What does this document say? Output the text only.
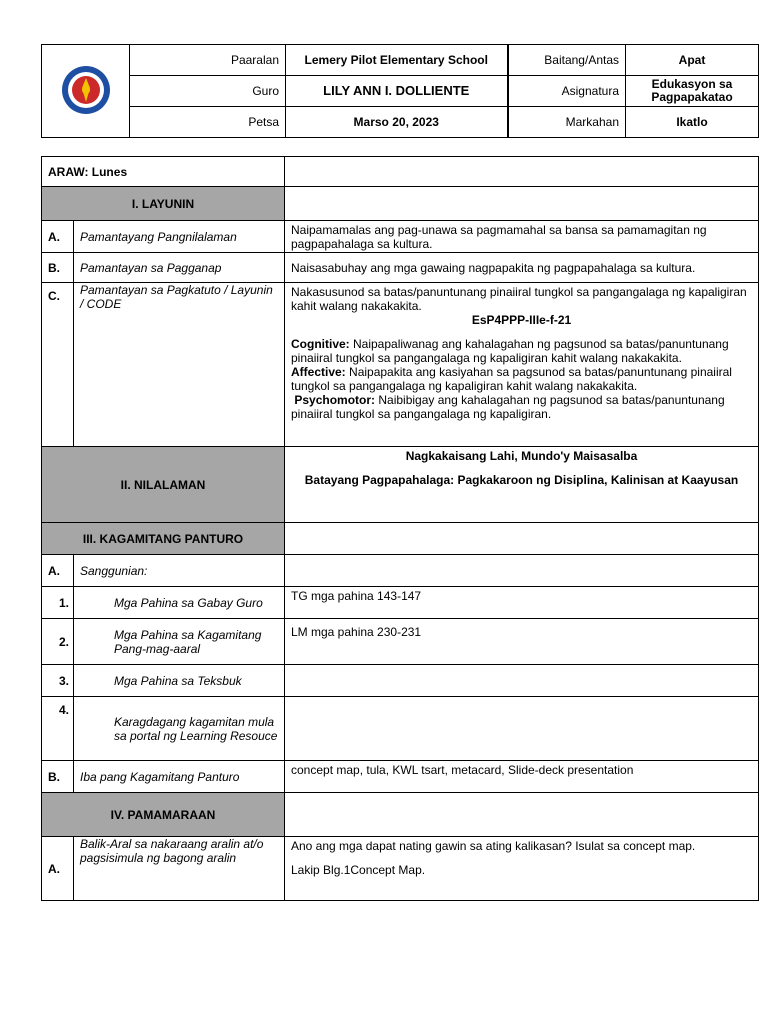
	Paaralan	Lemery Pilot Elementary School	Baitang/Antas	Apat
	Guro	LILY ANN I. DOLLIENTE	Asignatura	Edukasyon sa Pagpapakatao
	Petsa	Marso 20, 2023	Markahan	Ikatlo
ARAW: Lunes		
I. LAYUNIN		
A.	Pamantayang Pangnilalaman	Naipamamalas ang pag-unawa sa pagmamahal sa bansa sa pamamagitan ng pagpapahalaga sa kultura.
B.	Pamantayan sa Pagganap	Naisasabuhay ang mga gawaing nagpapakita ng pagpapahalaga sa kultura.
C.	Pamantayan sa Pagkatuto / Layunin / CODE	Nakasusunod sa batas/panuntunang pinaiiral tungkol sa pangangalaga ng kapaligiran kahit walang nakakakita.
EsP4PPP-IIIe-f-21
Cognitive: Naipapaliwanag ang kahalagahan ng pagsunod sa batas/panuntunang pinaiiral tungkol sa pangangalaga ng kapaligiran kahit walang nakakakita.
Affective: Naipapakita ang kasiyahan sa pagsunod sa batas/panuntunang pinaiiral tungkol sa pangangalaga ng kapaligiran kahit walang nakakakita.
Psychomotor: Naibibigay ang kahalagahan ng pagsunod sa batas/panuntunang pinaiiral tungkol sa pangangalaga ng kapaligiran.

II. NILALAMAN		Nagkakaisang Lahi, Mundo'y Maisasalba
Batayang Pagpapahalaga: Pagkakaroon ng Disiplina, Kalinisan at Kaayusan

III. KAGAMITANG PANTURO		
A.	Sanggunian:	
1.	Mga Pahina sa Gabay Guro	TG mga pahina 143-147
2.	Mga Pahina sa Kagamitang Pang-mag-aaral	LM mga pahina 230-231
3.	Mga Pahina sa Teksbuk	
4.	Karagdagang kagamitan mula sa portal ng Learning Resouce	
B.	Iba pang Kagamitang Panturo	concept map, tula, KWL tsart, metacard, Slide-deck presentation
IV. PAMAMARAAN		
A.	Balik-Aral sa nakaraang aralin at/o pagsisimula ng bagong aralin	Ano ang mga dapat nating gawin sa ating kalikasan? Isulat sa concept map.
Lakip Blg.1Concept Map.
